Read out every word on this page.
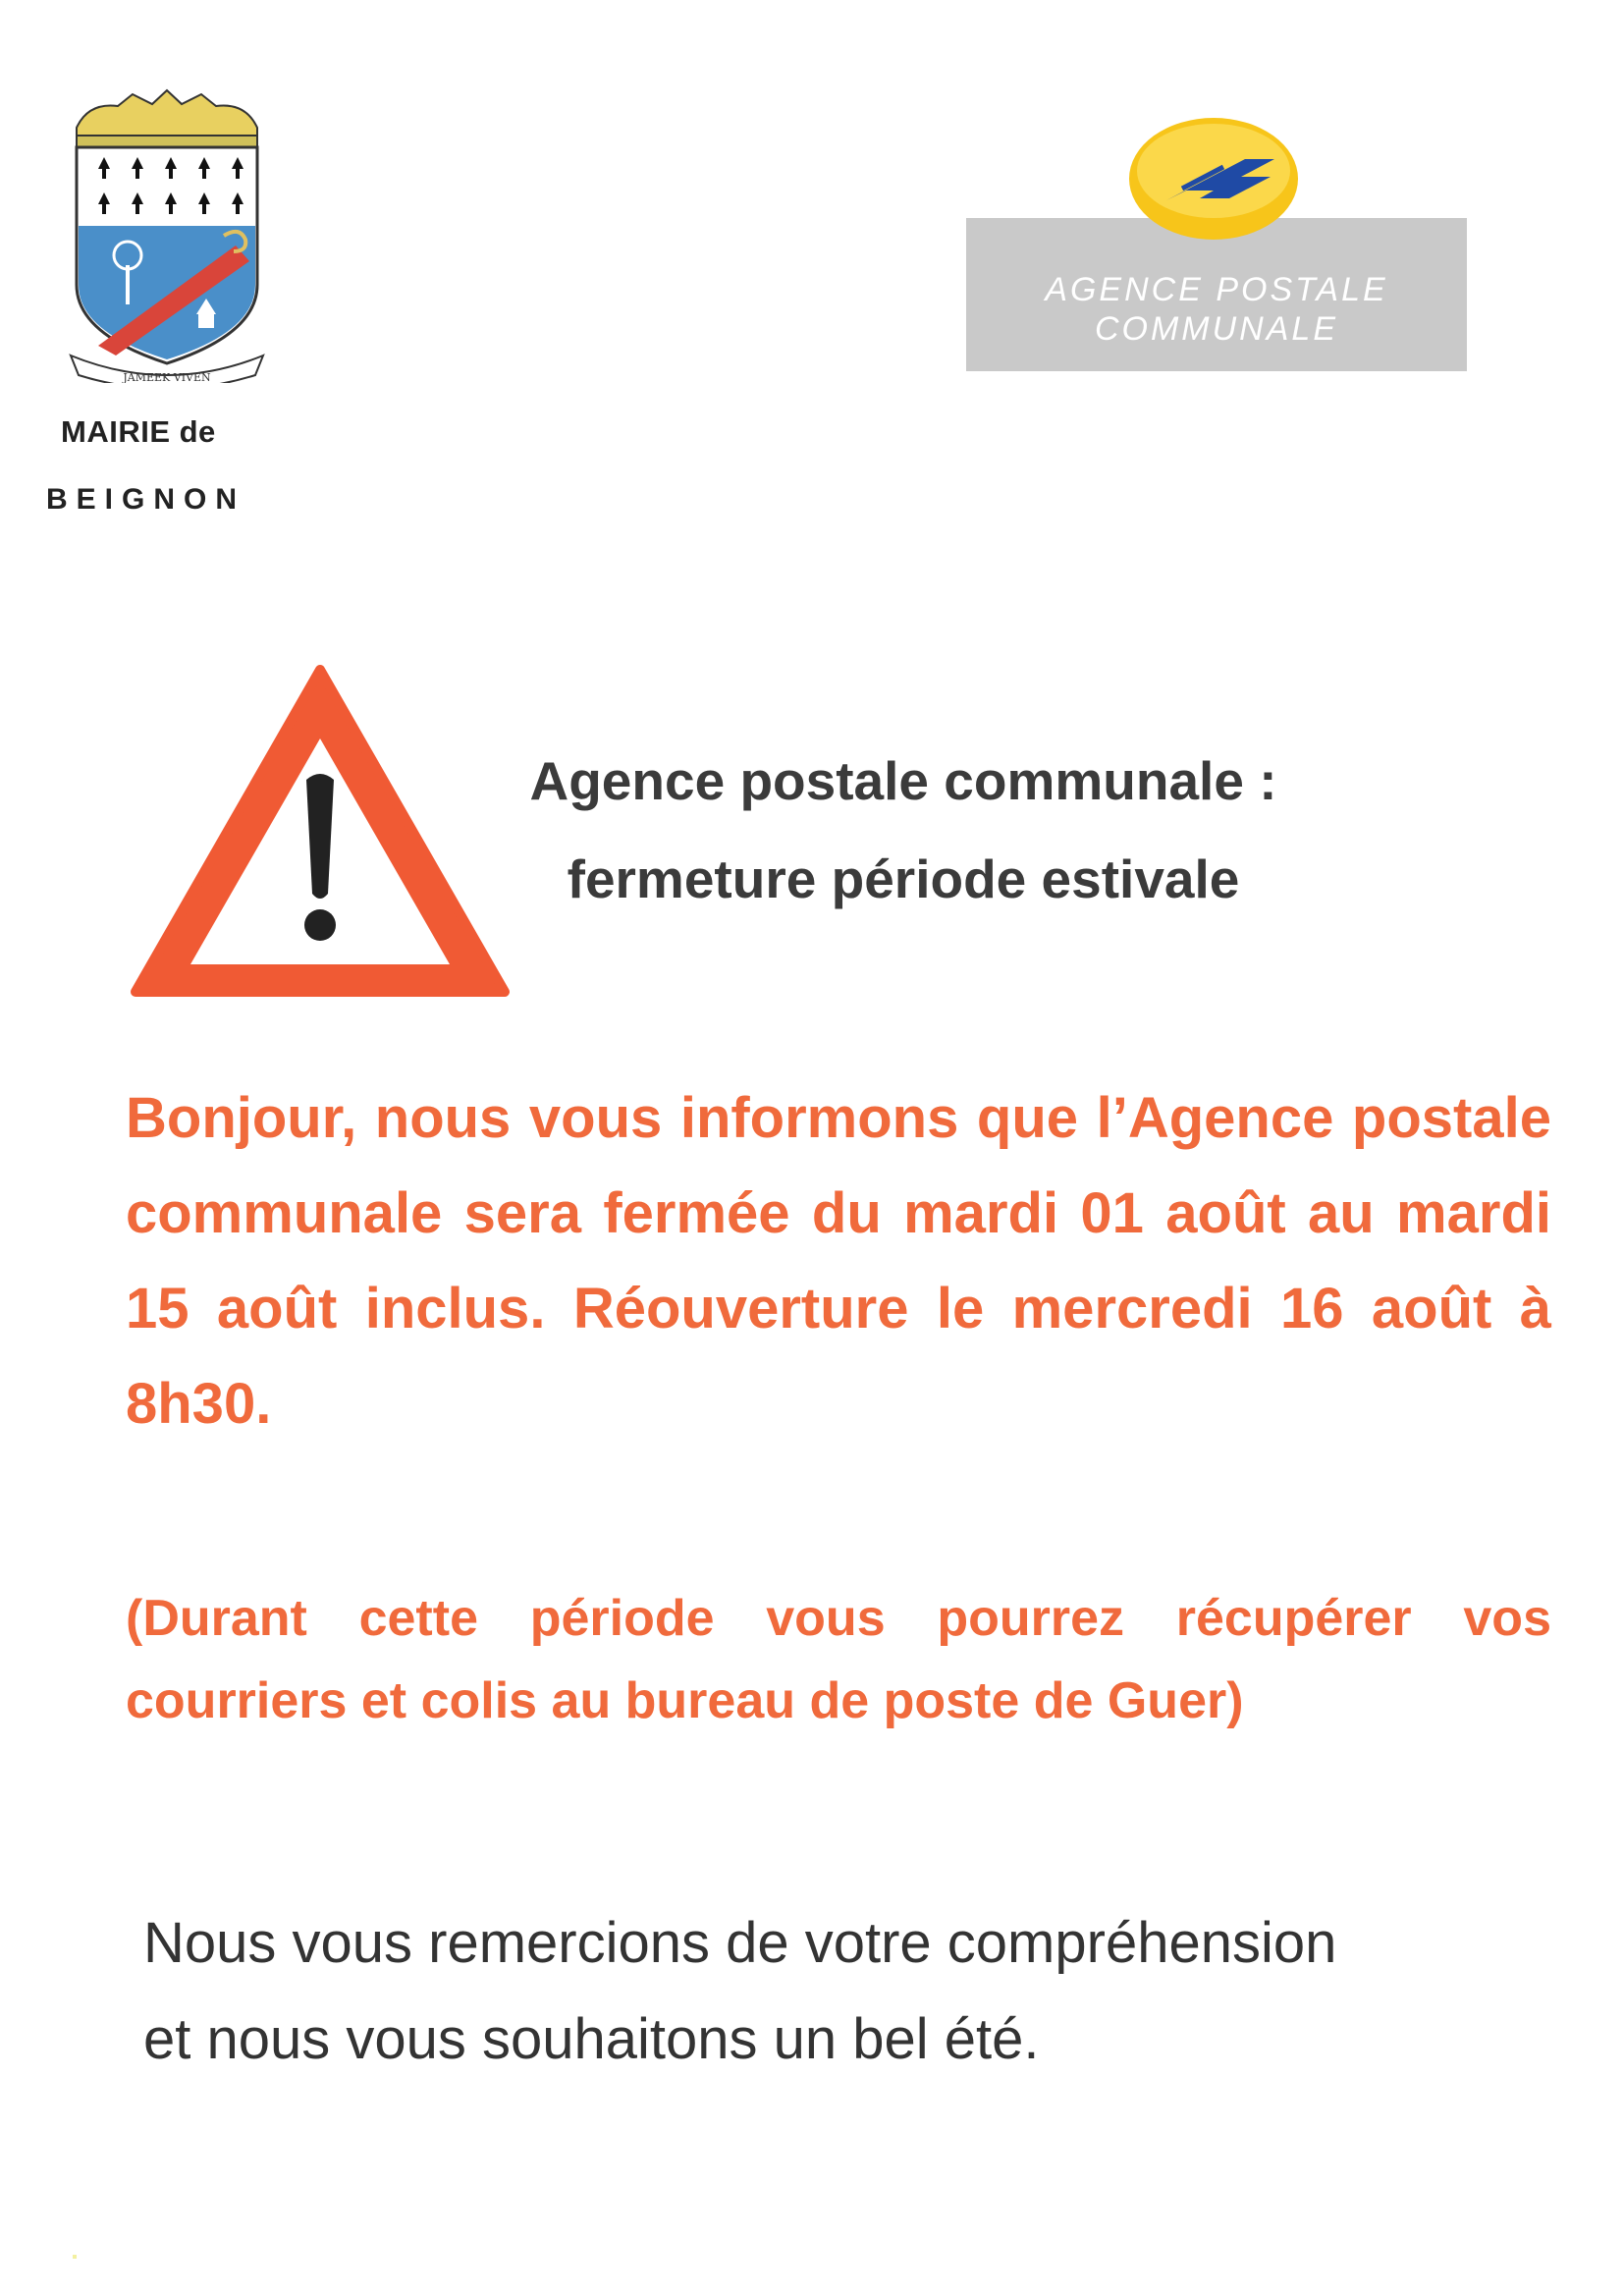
JAMEEK VIVEN
MAIRIE de
BEIGNON
AGENCE POSTALE
COMMUNALE
Agence postale communale :
fermeture période estivale
Bonjour, nous vous informons que l’Agence postale communale sera fermée du mardi 01 août au mardi 15 août inclus. Réouverture le mercredi 16 août à 8h30.
(Durant cette période vous pourrez récupérer vos courriers et colis au bureau de poste de Guer)
Nous vous remercions de votre compréhension
et nous vous souhaitons un bel été.
